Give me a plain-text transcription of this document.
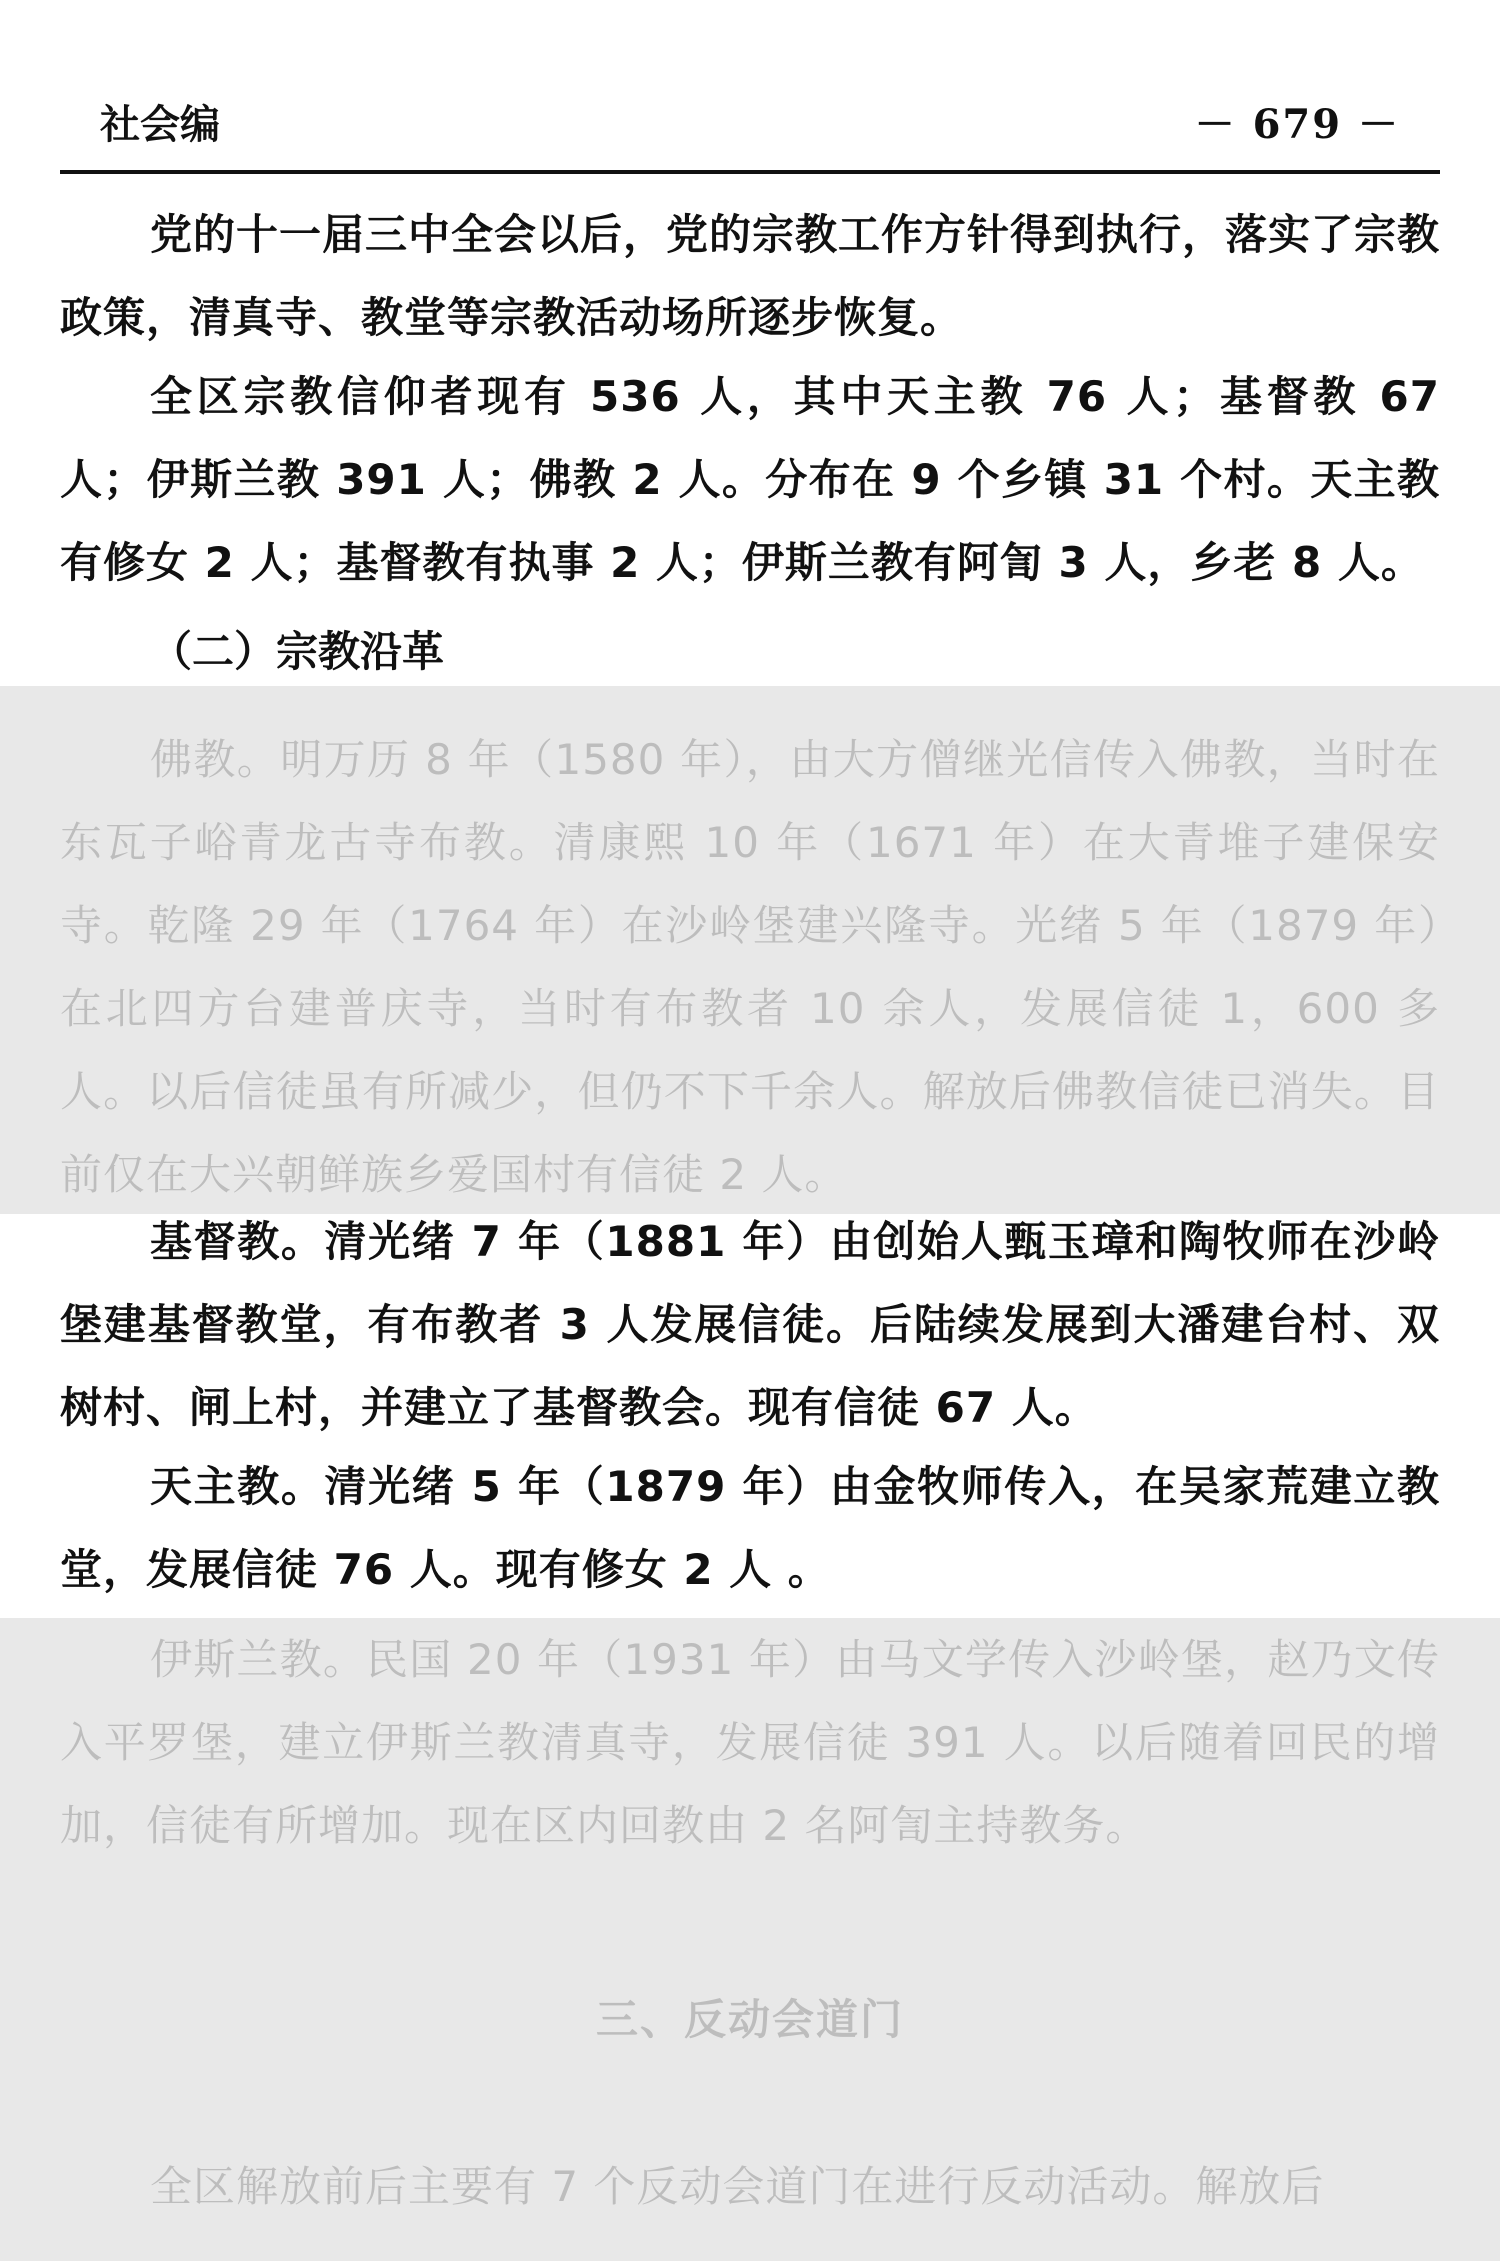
社会编	－ 679 －

党的十一届三中全会以后，党的宗教工作方针得到执行，落实了宗教政策，清真寺、教堂等宗教活动场所逐步恢复。

全区宗教信仰者现有 536 人，其中天主教 76 人；基督教 67 人；伊斯兰教 391 人；佛教 2 人。分布在 9 个乡镇 31 个村。天主教有修女 2 人；基督教有执事 2 人；伊斯兰教有阿訇 3 人，乡老 8 人。

（二）宗教沿革

佛教。明万历 8 年（1580 年），由大方僧继光信传入佛教，当时在东瓦子峪青龙古寺布教。清康熙 10 年（1671 年）在大青堆子建保安寺。乾隆 29 年（1764 年）在沙岭堡建兴隆寺。光绪 5 年（1879 年）在北四方台建普庆寺，当时有布教者 10 余人，发展信徒 1，600 多人。以后信徒虽有所减少，但仍不下千余人。解放后佛教信徒已消失。目前仅在大兴朝鲜族乡爱国村有信徒 2 人。

基督教。清光绪 7 年（1881 年）由创始人甄玉璋和陶牧师在沙岭堡建基督教堂，有布教者 3 人发展信徒。后陆续发展到大潘建台村、双树村、闸上村，并建立了基督教会。现有信徒 67 人。

天主教。清光绪 5 年（1879 年）由金牧师传入，在吴家荒建立教堂，发展信徒 76 人。现有修女 2 人 。

伊斯兰教。民国 20 年（1931 年）由马文学传入沙岭堡，赵乃文传入平罗堡，建立伊斯兰教清真寺，发展信徒 391 人。以后随着回民的增加，信徒有所增加。现在区内回教由 2 名阿訇主持教务。

三、反动会道门

全区解放前后主要有 7 个反动会道门在进行反动活动。解放后
